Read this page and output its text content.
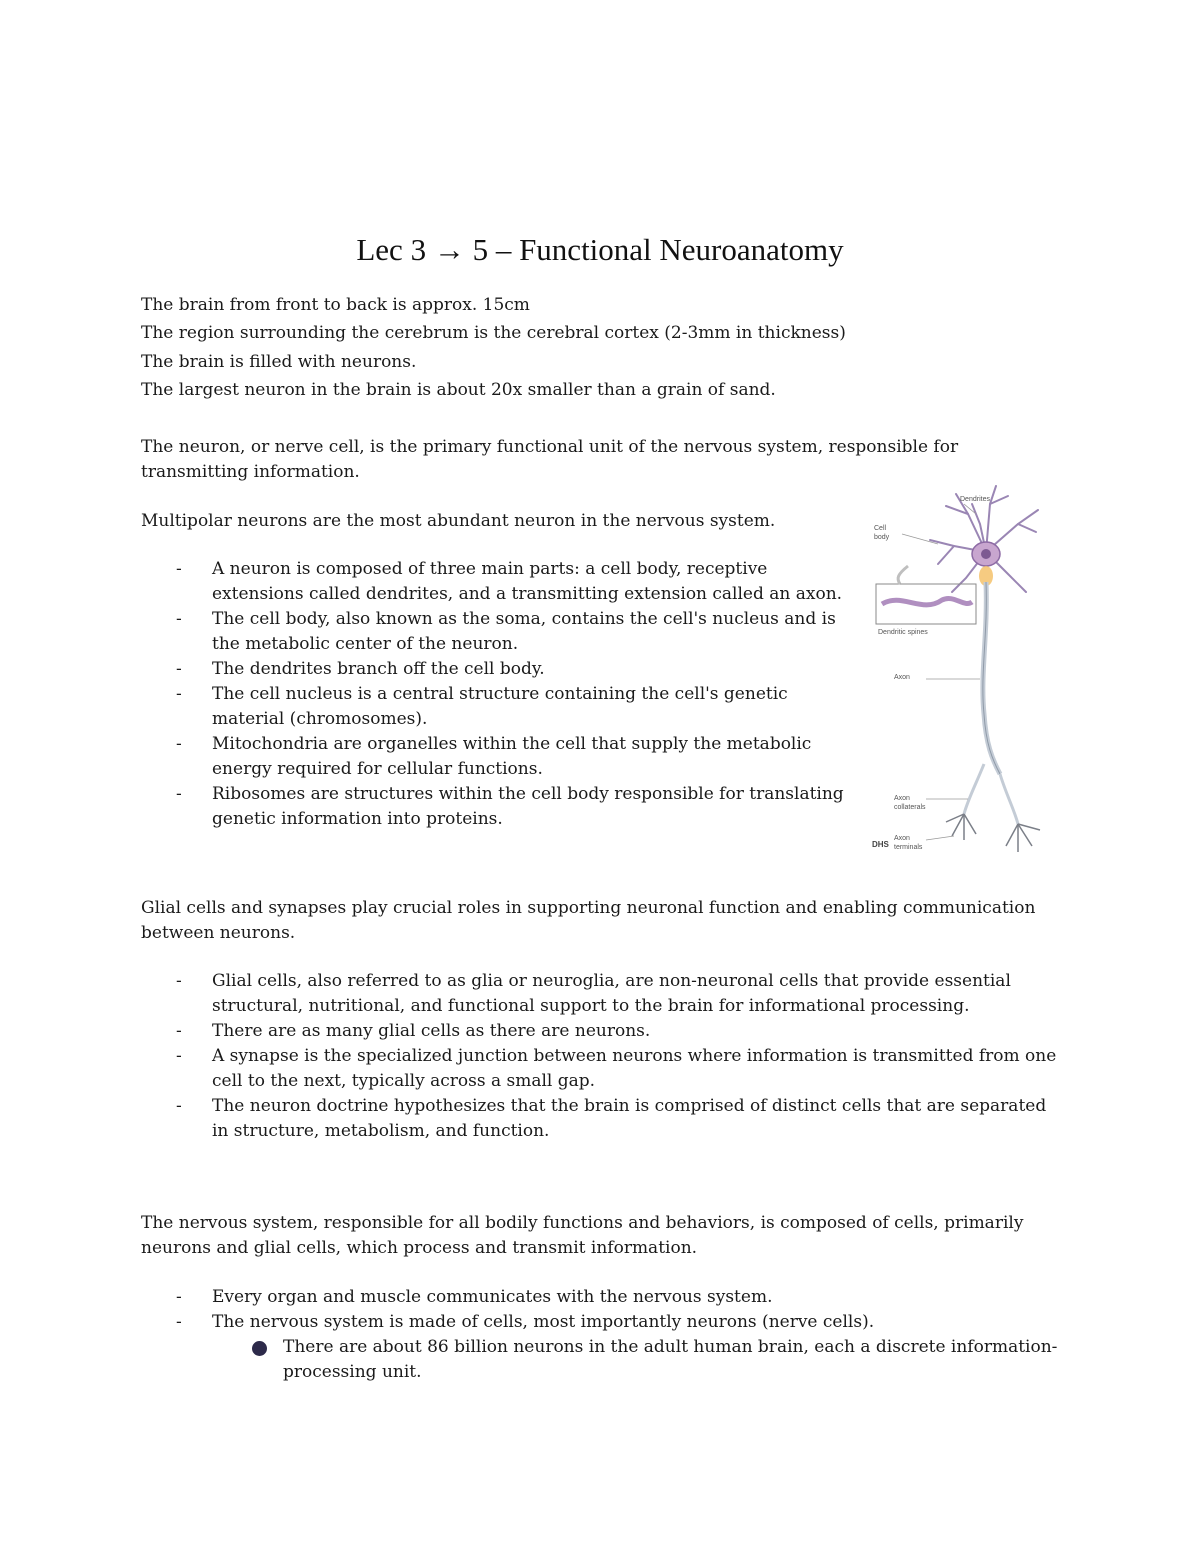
Lec 3 → 5 – Functional Neuroanatomy

The brain from front to back is approx. 15cm

The region surrounding the cerebrum is the cerebral cortex (2-3mm in thickness)

The brain is filled with neurons.

The largest neuron in the brain is about 20x smaller than a grain of sand.

The neuron, or nerve cell, is the primary functional unit of the nervous system, responsible for transmitting information.

Multipolar neurons are the most abundant neuron in the nervous system.

- A neuron is composed of three main parts: a cell body, receptive extensions called dendrites, and a transmitting extension called an axon.
- The cell body, also known as the soma, contains the cell's nucleus and is the metabolic center of the neuron.
- The dendrites branch off the cell body.
- The cell nucleus is a central structure containing the cell's genetic material (chromosomes).
- Mitochondria are organelles within the cell that supply the metabolic energy required for cellular functions.
- Ribosomes are structures within the cell body responsible for translating genetic information into proteins.
Dendrites
Cell body
Dendritic spines
Axon
Axon collaterals
Axon terminals
DHS

Glial cells and synapses play crucial roles in supporting neuronal function and enabling communication between neurons.

- Glial cells, also referred to as glia or neuroglia, are non-neuronal cells that provide essential structural, nutritional, and functional support to the brain for informational processing.
- There are as many glial cells as there are neurons.
- A synapse is the specialized junction between neurons where information is transmitted from one cell to the next, typically across a small gap.
- The neuron doctrine hypothesizes that the brain is comprised of distinct cells that are separated in structure, metabolism, and function.

The nervous system, responsible for all bodily functions and behaviors, is composed of cells, primarily neurons and glial cells, which process and transmit information.

- Every organ and muscle communicates with the nervous system.
- The nervous system is made of cells, most importantly neurons (nerve cells).
There are about 86 billion neurons in the adult human brain, each a discrete information-processing unit.
